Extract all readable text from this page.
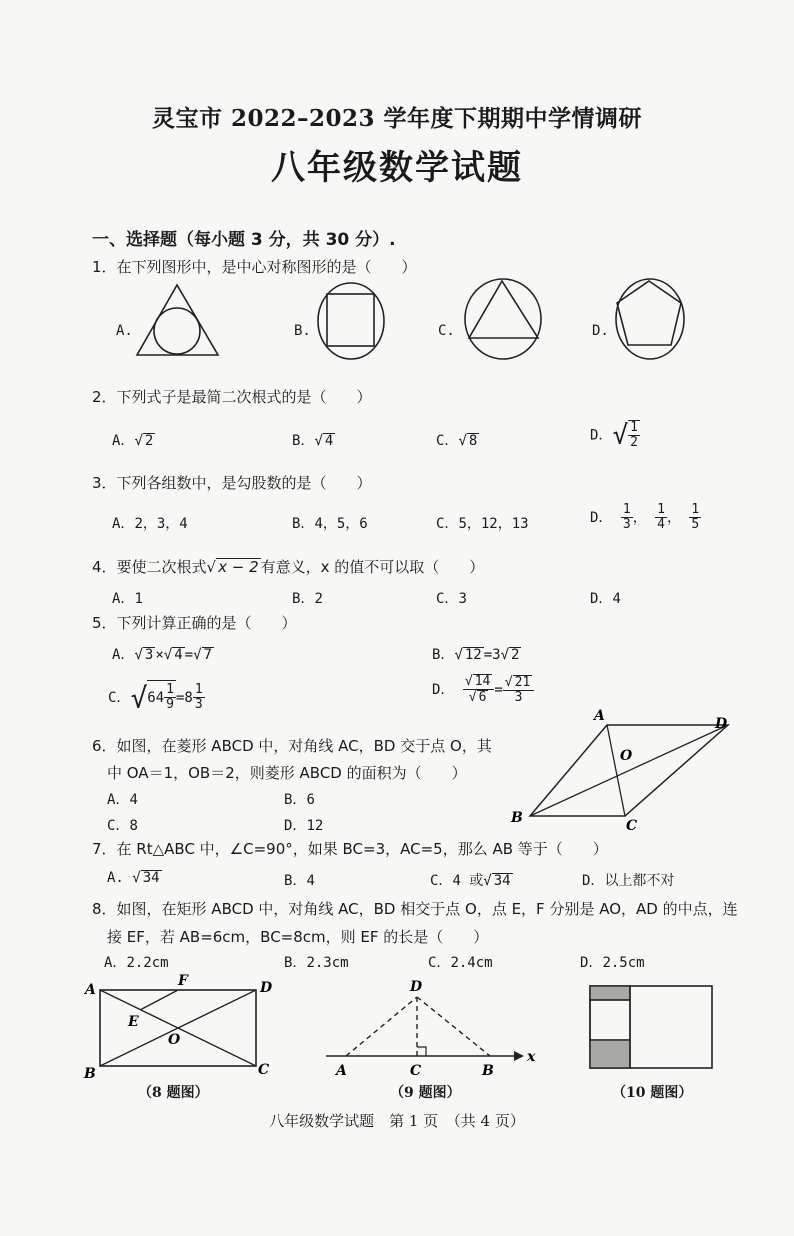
灵宝市 2022–2023 学年度下期期中学情调研
八年级数学试题
一、选择题（每小题 3 分，共 30 分）.
1．在下列图形中，是中心对称图形的是（　　）
A.	B.	C.	D.
2．下列式子是最简二次根式的是（　　）
A．√ 2	B．√ 4	C．√ 8	D．√ $\frac{1}{2}$
3．下列各组数中，是勾股数的是（　　）
A．2，3，4	B．4，5，6	C．5，12，13	D． $\frac{1}{3}$ ， $\frac{1}{4}$ ， $\frac{1}{5}$
4．要使二次根式√ x − 2 有意义，x 的值不可以取（　　）
A．1	B．2	C．3	D．4
5．下列计算正确的是（　　）
A．√ 3 ×√ 4 =√ 7	B．√ 12 =3√ 2
C．$√64 \frac{1}{9} =8 \frac{1}{3}$	D． $\frac{√ 14}{√ 6} = \frac{√ 21}{3}$
6．如图，在菱形 ABCD 中，对角线 AC，BD 交于点 O，其
中 OA＝1，OB＝2，则菱形 ABCD 的面积为（　　）
A．4	B．6
C．8	D．12
A	D
O
B	C
7．在 Rt△ABC 中，∠C=90°，如果 BC=3，AC=5，那么 AB 等于（　　）
A. √ 34	B．4	C．4 或√ 34	D．以上都不对
8．如图，在矩形 ABCD 中，对角线 AC，BD 相交于点 O，点 E，F 分别是 AO，AD 的中点，连
接 EF，若 AB=6cm，BC=8cm，则 EF 的长是（　　）
A．2.2cm	B．2.3cm	C．2.4cm	D．2.5cm
A
F	D
E
O
B	C
（8 题图）
D
A	C	B
x
（9 题图）	（10 题图）
八年级数学试题　第 1 页　（共 4 页）
